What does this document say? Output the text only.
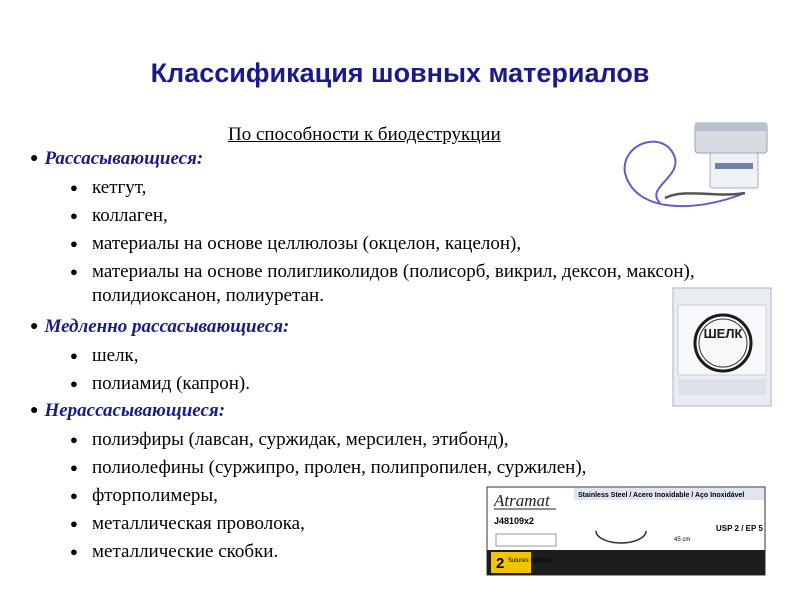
Классификация шовных материалов
По способности к биодеструкции
● Рассасывающиеся:
● кетгут,
● коллаген,
● материалы на основе целлюлозы (окцелон, кацелон),
● материалы на основе полигликолидов (полисорб, викрил, дексон, максон), полидиоксанон, полиуретан.
● Медленно рассасывающиеся:
● шелк,
● полиамид (капрон).
● Нерассасывающиеся:
● полиэфиры (лавсан, суржидак, мерсилен, этибонд),
● полиолефины (суржипро, пролен, полипропилен, суржилен),
● фторполимеры,
● металлическая проволока,
● металлические скобки.
ШЕЛК
2 Sutures Suturas
Atramat
J48109x2
Stainless Steel / Acero Inoxidable / Aço Inoxidável
45 cm
USP 2 / EP 5
